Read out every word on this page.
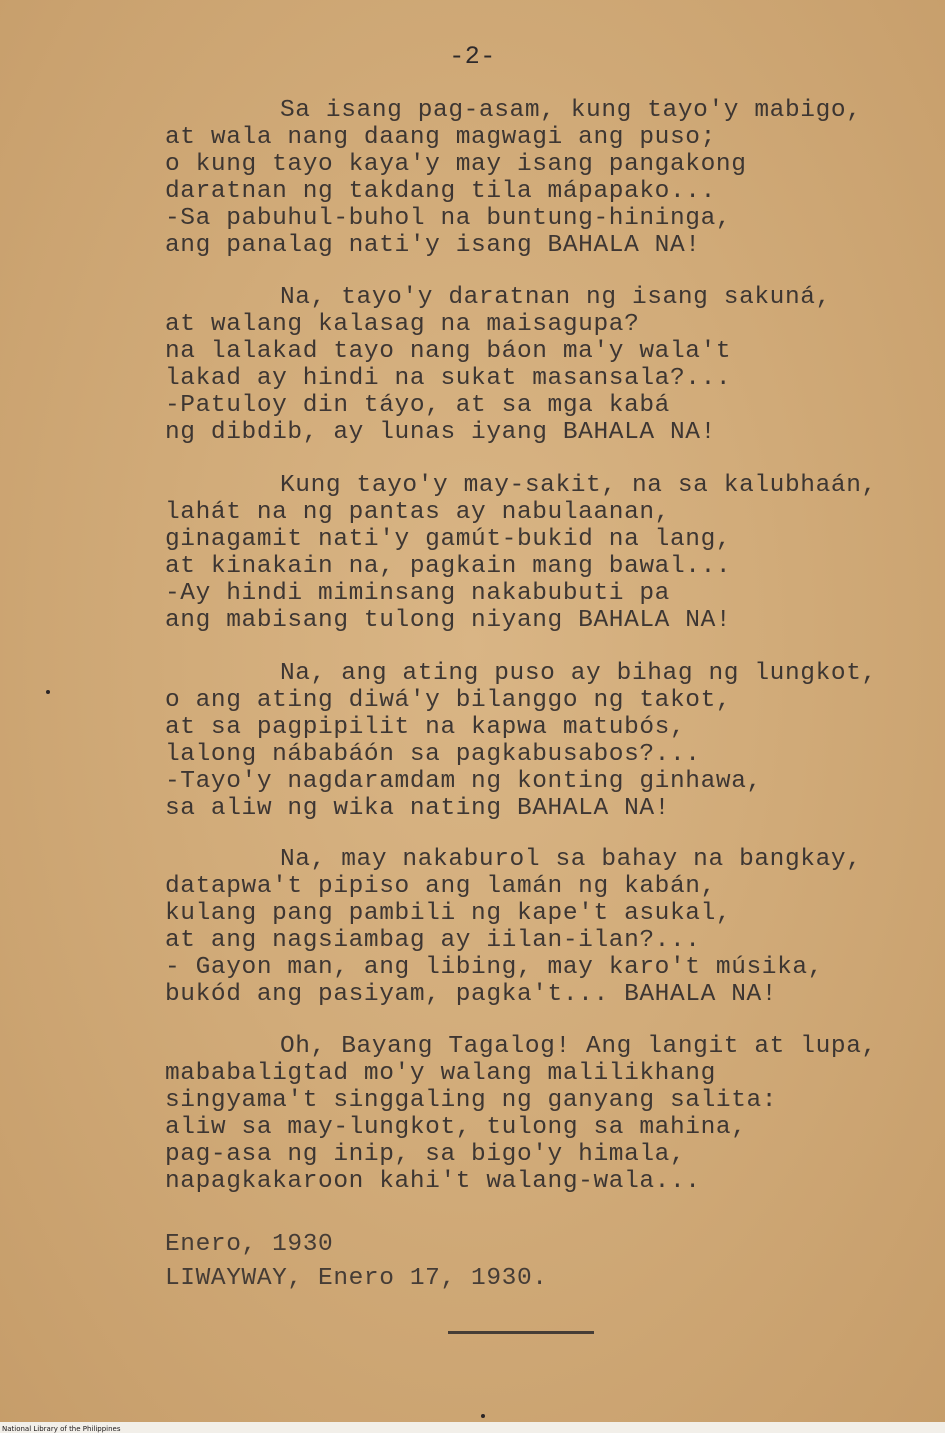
-2-
Sa isang pag-asam, kung tayo'y mabigo,
at wala nang daang magwagi ang puso;
o kung tayo kaya'y may isang pangakong
daratnan ng takdang tila mápapako...
-Sa pabuhul-buhol na buntung-hininga,
ang panalag nati'y isang BAHALA NA!
Na, tayo'y daratnan ng isang sakuná,
at walang kalasag na maisagupa?
na lalakad tayo nang báon ma'y wala't
lakad ay hindi na sukat masansala?...
-Patuloy din táyo, at sa mga kabá
ng dibdib, ay lunas iyang BAHALA NA!
Kung tayo'y may-sakit, na sa kalubhaán,
lahát na ng pantas ay nabulaanan,
ginagamit nati'y gamút-bukid na lang,
at kinakain na, pagkain mang bawal...
-Ay hindi miminsang nakabubuti pa
ang mabisang tulong niyang BAHALA NA!
Na, ang ating puso ay bihag ng lungkot,
o ang ating diwá'y bilanggo ng takot,
at sa pagpipilit na kapwa matubós,
lalong nábabáón sa pagkabusabos?...
-Tayo'y nagdaramdam ng konting ginhawa,
sa aliw ng wika nating BAHALA NA!
Na, may nakaburol sa bahay na bangkay,
datapwa't pipiso ang lamán ng kabán,
kulang pang pambili ng kape't asukal,
at ang nagsiambag ay iilan-ilan?...
- Gayon man, ang libing, may karo't músika,
bukód ang pasiyam, pagka't... BAHALA NA!
Oh, Bayang Tagalog! Ang langit at lupa,
mababaligtad mo'y walang malilikhang
singyama't singgaling ng ganyang salita:
aliw sa may-lungkot, tulong sa mahina,
pag-asa ng inip, sa bigo'y himala,
napagkakaroon kahi't walang-wala...
Enero, 1930
LIWAYWAY, Enero 17, 1930.
National Library of the Philippines
